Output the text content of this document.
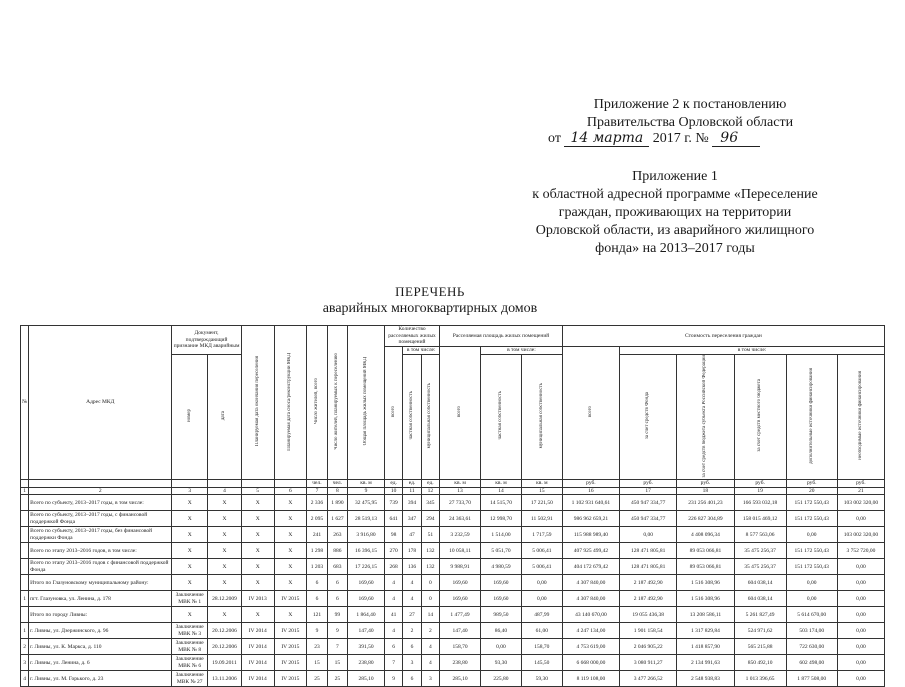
Приложение 2 к постановлению
Правительства Орловской области
от 14 марта 2017 г. № 96
Приложение 1
к областной адресной программе «Переселение
граждан, проживающих на территории
Орловской области, из аварийного жилищного
фонда» на 2013–2017 годы
ПЕРЕЧЕНЬ
аварийных многоквартирных домов
№	Адрес МКД	Документ, подтверждающий признание МКД аварийным		Планируемая дата окончания переселения	Планируемая дата сноса/реконструкции МКД	Число жителей, всего	Число жителей, планируемых к переселению	Общая площадь жилых помещений МКД	Количество расселяемых жилых помещений			Расселяемая площадь жилых помещений			Стоимость переселения граждан					
									всего	в том числе:		всего	в том числе:		всего	в том числе:				
		номер	дата							частная собственность	муниципальная собственность		частная собственность	муниципальная собственность		за счет средств Фонда	за счет средств бюджета субъекта Российской Федерации	за счет средств местного бюджета	дополнительные источники финансирования	необходимые источники финансирования
						чел.	чел.	кв. м	ед.	ед.	ед.	кв. м	кв. м	кв. м	руб.	руб.	руб.	руб.	руб.	руб.
1	2	3	4	5	6	7	8	9	10	11	12	13	14	15	16	17	18	19	20	21
	Всего по субъекту, 2013–2017 годы, в том числе:	X	X	X	X	2 336	1 890	32 475,95	739	394	345	27 733,70	14 515,70	17 221,50	1 102 931 640,61	450 947 334,77	231 256 401,23	166 593 032,18	151 172 550,43	103 002 320,00
	Всего по субъекту, 2013–2017 годы, с финансовой поддержкой Фонда	X	X	X	X	2 095	1 627	28 519,13	641	347	294	24 363,61	12 998,70	11 502,91	986 962 659,21	450 947 334,77	226 827 304,89	158 015 469,12	151 172 550,43	0,00
	Всего по субъекту, 2013–2017 годы, без финансовой поддержки Фонда	X	X	X	X	241	263	3 916,80	98	47	51	3 232,59	1 514,00	1 717,59	115 988 989,40	0,00	4 408 096,34	8 577 563,06	0,00	103 002 320,00
	Всего по этапу 2013–2016 годов, в том числе:	X	X	X	X	1 298	886	16 396,15	270	178	132	10 058,11	5 051,70	5 006,41	407 925 499,42	128 471 805,81	89 053 066,81	35 475 256,37	151 172 550,43	3 752 720,00
	Всего по этапу 2013–2016 годов с финансовой поддержкой Фонда	X	X	X	X	1 203	683	17 226,15	268	136	132	9 988,91	4 980,59	5 006,41	404 172 679,42	128 471 805,81	89 053 066,81	35 475 256,37	151 172 550,43	0,00
	Итого по Глазуновскому муниципальному району:	X	X	X	X	6	6	169,60	4	4	0	169,60	169,60	0,00	4 307 840,00	2 187 492,90	1 516 308,96	604 038,14	0,00	0,00
1	пгт. Глазуновка, ул. Ленина, д. 178	Заключение МВК № 1	28.12.2009	IV 2013	IV 2015	6	6	169,60	4	4	0	169,60	169,60	0,00	4 307 840,00	2 187 492,90	1 516 308,96	604 038,14	0,00	0,00
	Итого по городу Ливны:	X	X	X	X	121	99	1 864,40	41	27	14	1 477,49	989,50	487,99	43 140 670,00	19 055 436,38	13 208 586,11	5 261 827,49	5 614 670,00	0,00
1	г. Ливны, ул. Дзержинского, д. 96	Заключение МВК № 3	20.12.2006	IV 2014	IV 2015	9	9	147,40	4	2	2	147,40	86,40	61,00	4 247 134,00	1 901 158,54	1 317 829,84	524 971,62	503 174,00	0,00
2	г. Ливны, ул. К. Маркса, д. 110	Заключение МВК № 8	20.12.2006	IV 2014	IV 2015	23	7	391,50	6	6	4	158,70	0,00	158,70	4 753 619,00	2 046 905,22	1 418 857,90	565 215,88	722 630,00	0,00
3	г. Ливны, ул. Ленина, д. 6	Заключение МВК № 6	19.09.2011	IV 2014	IV 2015	15	15	238,80	7	3	4	238,80	93,30	145,50	6 668 000,00	3 080 911,27	2 134 991,63	850 492,10	602 498,00	0,00
4	г. Ливны, ул. М. Горького, д. 23	Заключение МВК № 27	13.11.2006	IV 2014	IV 2015	25	25	285,10	9	6	3	285,10	225,80	59,30	8 119 108,00	3 477 266,52	2 548 938,83	1 013 396,65	1 877 508,00	0,00
